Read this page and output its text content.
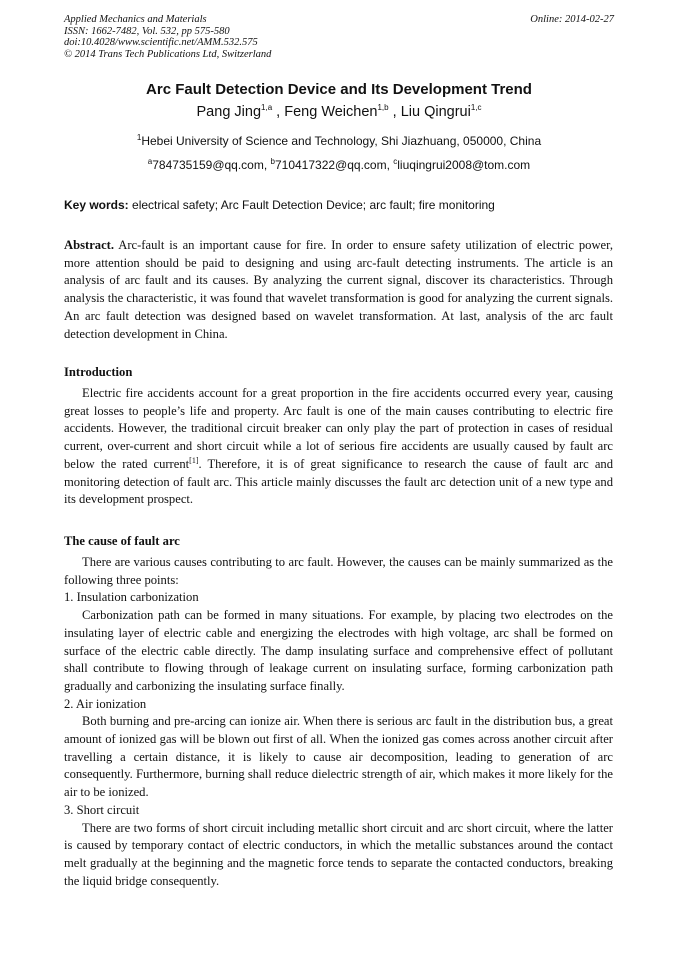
Applied Mechanics and Materials
ISSN: 1662-7482, Vol. 532, pp 575-580
doi:10.4028/www.scientific.net/AMM.532.575
© 2014 Trans Tech Publications Ltd, Switzerland
Online: 2014-02-27
Arc Fault Detection Device and Its Development Trend
Pang Jing$^{1,a}$ , Feng Weichen$^{1,b}$ , Liu Qingrui$^{1,c}$
$^1$Hebei University of Science and Technology, Shi Jiazhuang, 050000, China
$^a$784735159@qq.com, $^b$710417322@qq.com, $^c$liuqingrui2008@tom.com
Key words: electrical safety; Arc Fault Detection Device; arc fault; fire monitoring
Abstract. Arc-fault is an important cause for fire. In order to ensure safety utilization of electric power, more attention should be paid to designing and using arc-fault detecting instruments. The article is an analysis of arc fault and its causes. By analyzing the current signal, discover its characteristics. Through analysis the characteristic, it was found that wavelet transformation is good for analyzing the current signals. An arc fault detection was designed based on wavelet transformation. At last, analysis of the arc fault detection development in China.
Introduction
Electric fire accidents account for a great proportion in the fire accidents occurred every year, causing great losses to people’s life and property. Arc fault is one of the main causes contributing to electric fire accidents. However, the traditional circuit breaker can only play the part of protection in cases of residual current, over-current and short circuit while a lot of serious fire accidents are usually caused by fault arc below the rated current[1]. Therefore, it is of great significance to research the cause of fault arc and monitoring detection of fault arc. This article mainly discusses the fault arc detection unit of a new type and its development prospect.
The cause of fault arc

There are various causes contributing to arc fault. However, the causes can be mainly summarized as the following three points:

1. Insulation carbonization

Carbonization path can be formed in many situations. For example, by placing two electrodes on the insulating layer of electric cable and energizing the electrodes with high voltage, arc shall be formed on surface of the electric cable directly. The damp insulating surface and comprehensive effect of pollutant shall contribute to flowing through of leakage current on insulating surface, forming carbonization path gradually and carbonizing the insulating surface finally.

2. Air ionization

Both burning and pre-arcing can ionize air. When there is serious arc fault in the distribution bus, a great amount of ionized gas will be blown out first of all. When the ionized gas comes across another circuit after travelling a certain distance, it is likely to cause air decomposition, leading to generation of arc consequently. Furthermore, burning shall reduce dielectric strength of air, which makes it more likely for the air to be ionized.

3. Short circuit

There are two forms of short circuit including metallic short circuit and arc short circuit, where the latter is caused by temporary contact of electric conductors, in which the metallic substances around the contact melt gradually at the beginning and the magnetic force tends to separate the contacted conductors, breaking the liquid bridge consequently.
